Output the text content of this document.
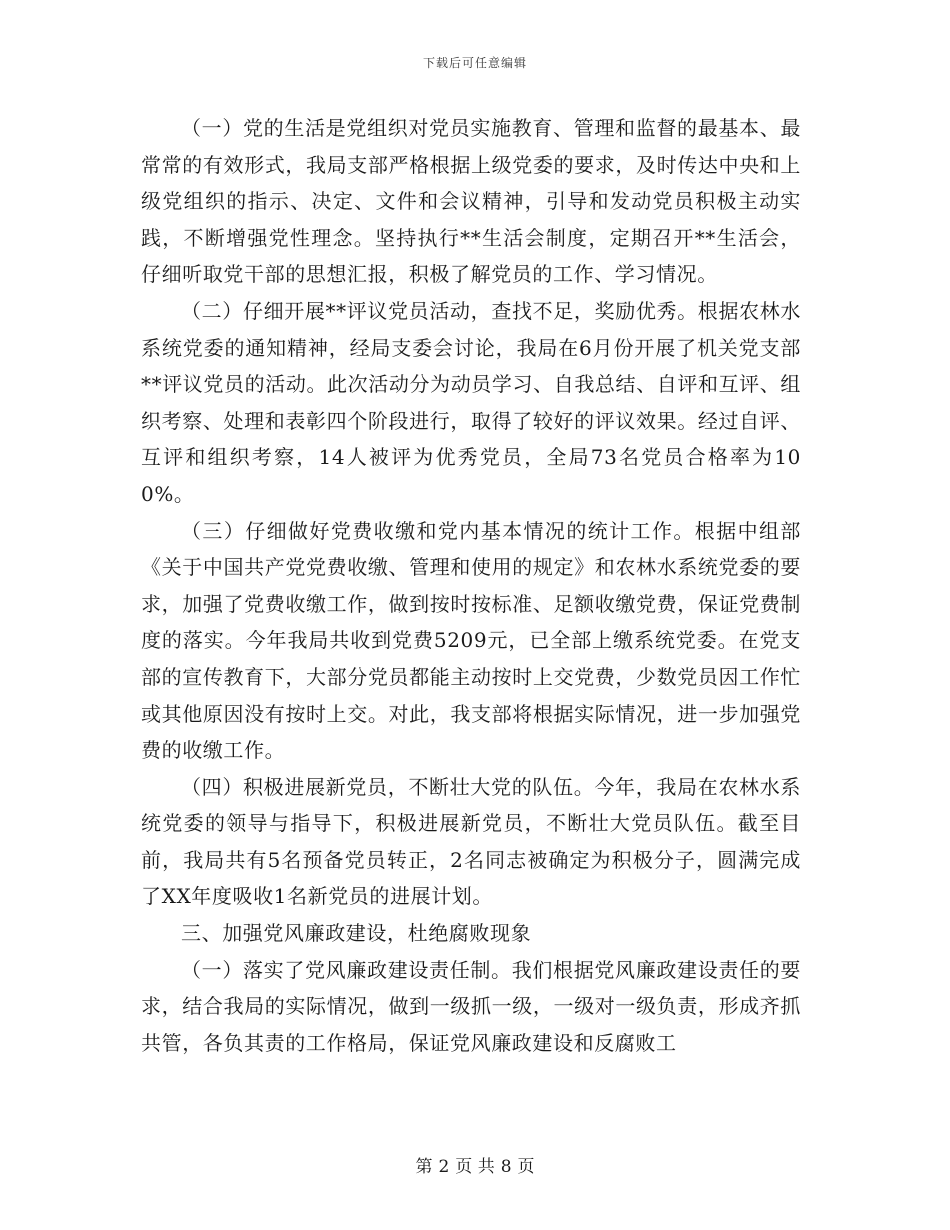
下载后可任意编辑

（一）党的生活是党组织对党员实施教育、管理和监督的最基本、最常常的有效形式，我局支部严格根据上级党委的要求，及时传达中央和上级党组织的指示、决定、文件和会议精神，引导和发动党员积极主动实践，不断增强党性理念。坚持执行**生活会制度，定期召开**生活会，仔细听取党干部的思想汇报，积极了解党员的工作、学习情况。

（二）仔细开展**评议党员活动，查找不足，奖励优秀。根据农林水系统党委的通知精神，经局支委会讨论，我局在6月份开展了机关党支部**评议党员的活动。此次活动分为动员学习、自我总结、自评和互评、组织考察、处理和表彰四个阶段进行，取得了较好的评议效果。经过自评、互评和组织考察，14人被评为优秀党员，全局73名党员合格率为100%。

（三）仔细做好党费收缴和党内基本情况的统计工作。根据中组部《关于中国共产党党费收缴、管理和使用的规定》和农林水系统党委的要求，加强了党费收缴工作，做到按时按标准、足额收缴党费，保证党费制度的落实。今年我局共收到党费5209元，已全部上缴系统党委。在党支部的宣传教育下，大部分党员都能主动按时上交党费，少数党员因工作忙或其他原因没有按时上交。对此，我支部将根据实际情况，进一步加强党费的收缴工作。

（四）积极进展新党员，不断壮大党的队伍。今年，我局在农林水系统党委的领导与指导下，积极进展新党员，不断壮大党员队伍。截至目前，我局共有5名预备党员转正，2名同志被确定为积极分子，圆满完成了XX年度吸收1名新党员的进展计划。

三、加强党风廉政建设，杜绝腐败现象

（一）落实了党风廉政建设责任制。我们根据党风廉政建设责任的要求，结合我局的实际情况，做到一级抓一级，一级对一级负责，形成齐抓共管，各负其责的工作格局，保证党风廉政建设和反腐败工

第 2 页 共 8 页
